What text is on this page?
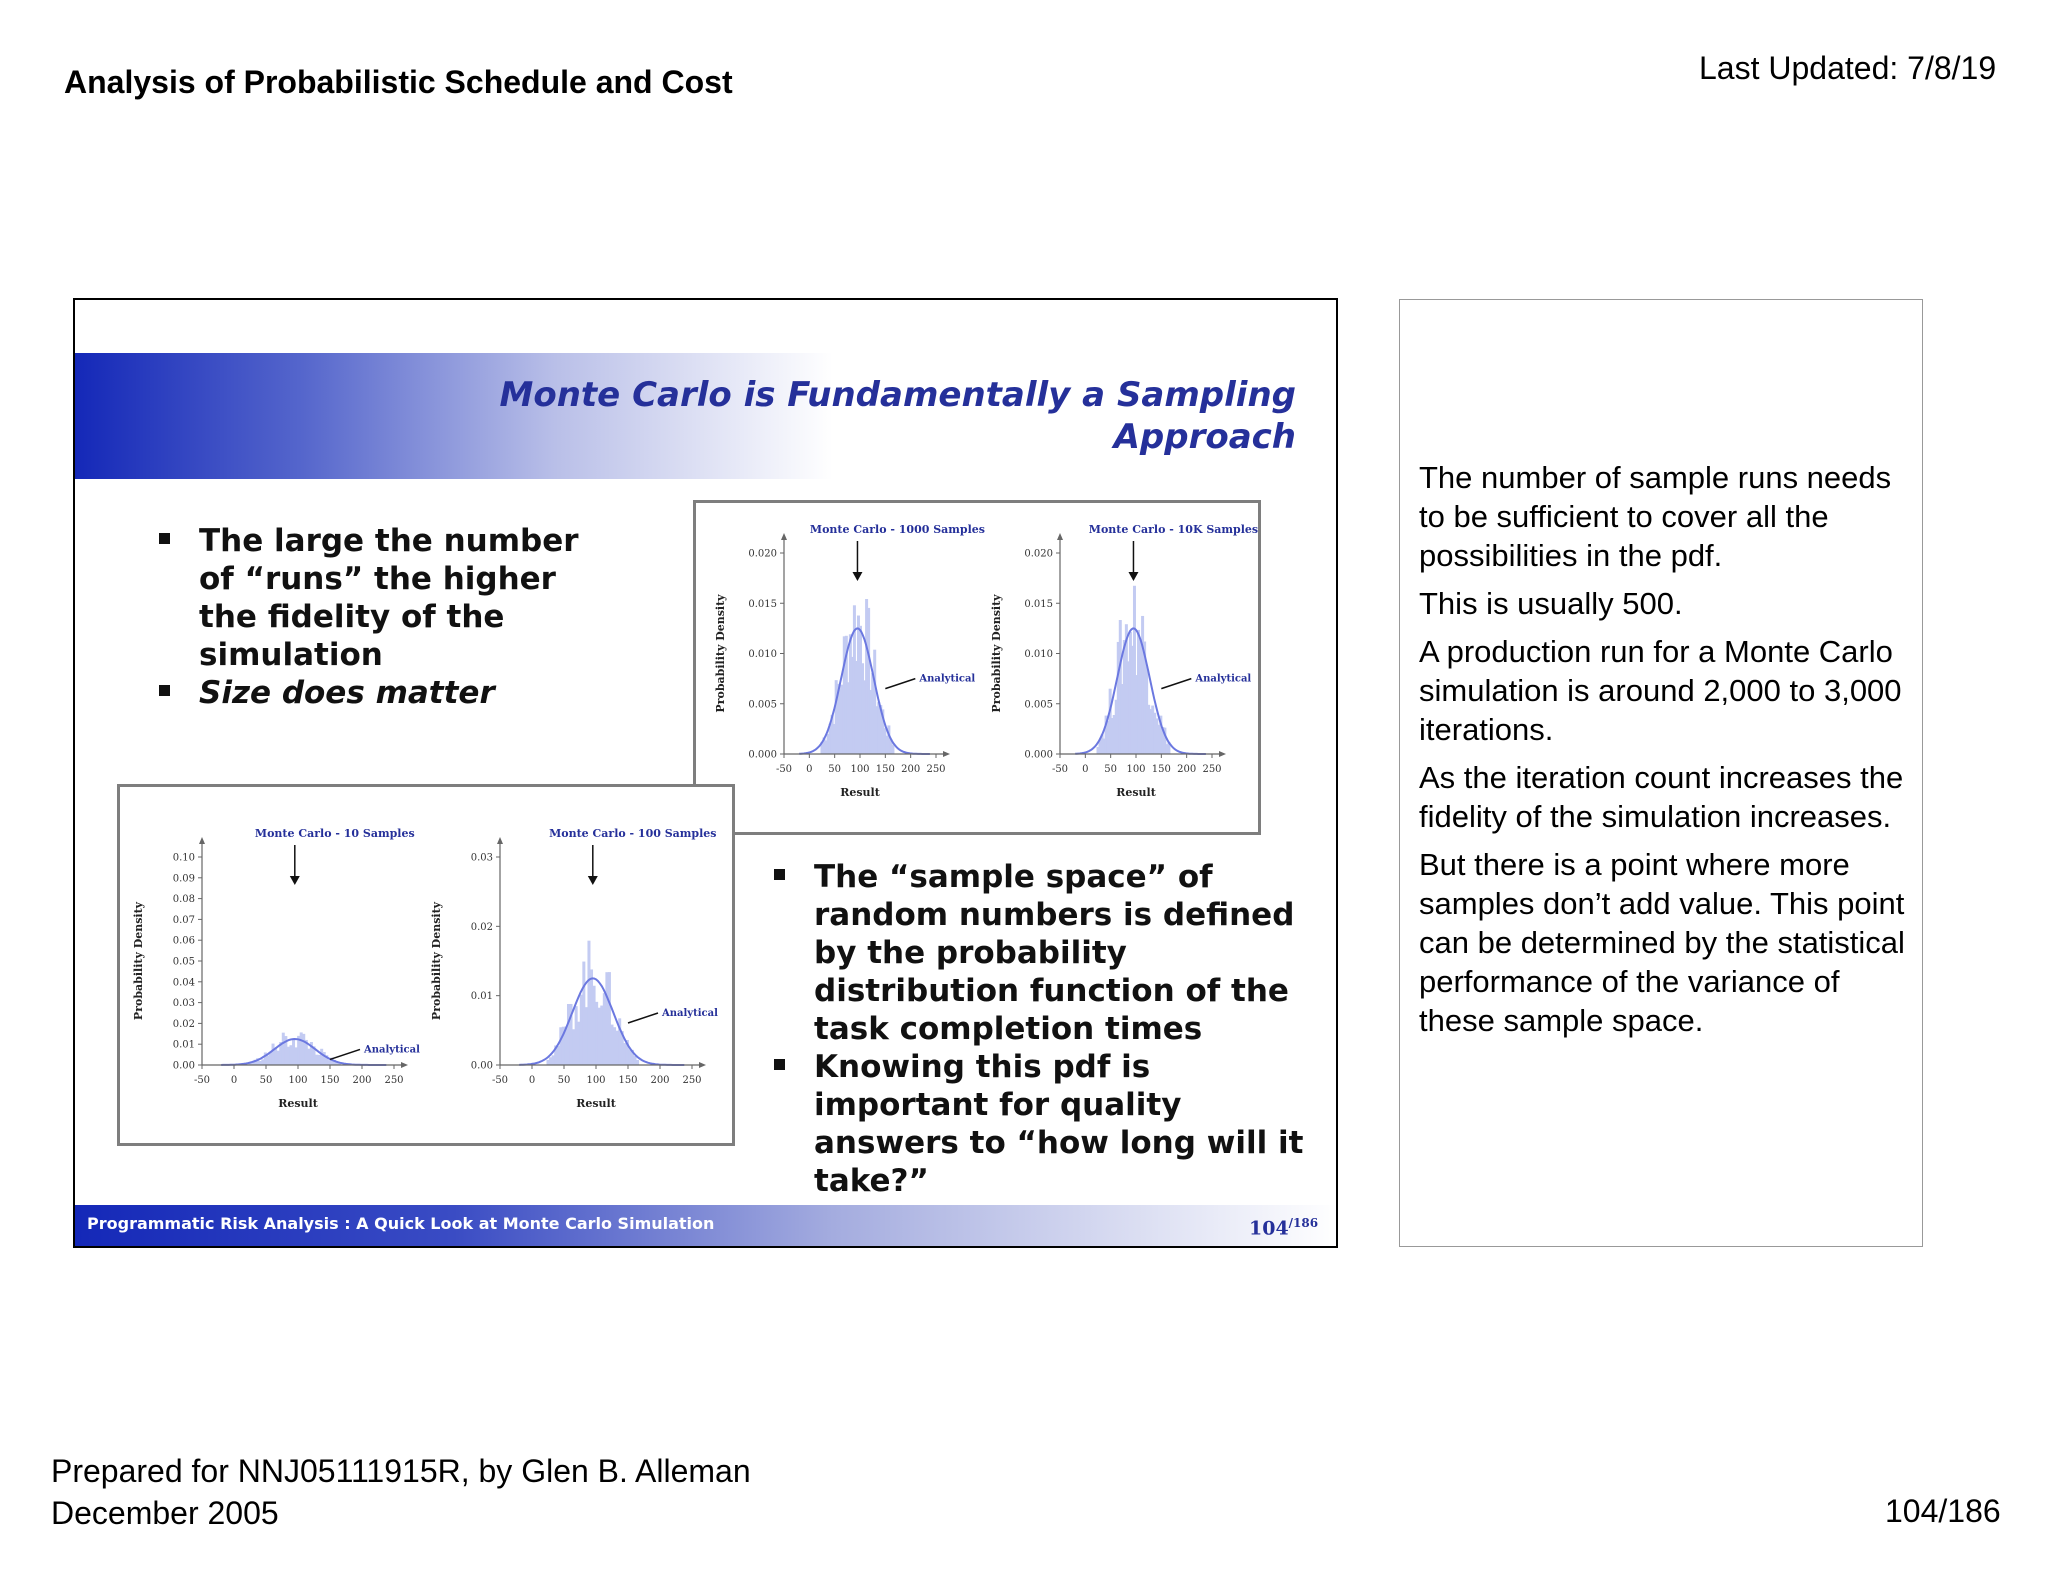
Analysis of Probabilistic Schedule and Cost	Last Updated: 7/8/19
Monte Carlo is Fundamentally a Sampling
Approach
The large the number of “runs” the higher the fidelity of the simulation
Size does matter
-50 0 50 100 150 200 250
0.000
0.005
0.010
0.015
0.020
Monte Carlo - 1000 Samples
Analytical
Result
Probability Density
-50 0 50 100 150 200 250
0.000
0.005
0.010
0.015
0.020
Monte Carlo - 10K Samples
Analytical
Result
Probability Density
-50 0 50 100 150 200 250
0.00
0.01
0.02
0.03
0.04
0.05
0.06
0.07
0.08
0.09
0.10
Monte Carlo - 10 Samples
Analytical
Result
Probability Density
-50 0 50 100 150 200 250
0.00
0.01
0.02
0.03
Monte Carlo - 100 Samples
Analytical
Result
Probability Density
The “sample space” of random numbers is defined by the probability distribution function of the task completion times
Knowing this pdf is important for quality answers to “how long will it take?”
Programmatic Risk Analysis : A Quick Look at Monte Carlo Simulation	$104^{/186}$

The number of sample runs needs to be sufficient to cover all the possibilities in the pdf.

This is usually 500.

A production run for a Monte Carlo simulation is around 2,000 to 3,000 iterations.

As the iteration count increases the fidelity of the simulation increases.

But there is a point where more samples don’t add value. This point can be determined by the statistical performance of the variance of these sample space.

Prepared for NNJ05111915R, by Glen B. Alleman
December 2005	104/186
